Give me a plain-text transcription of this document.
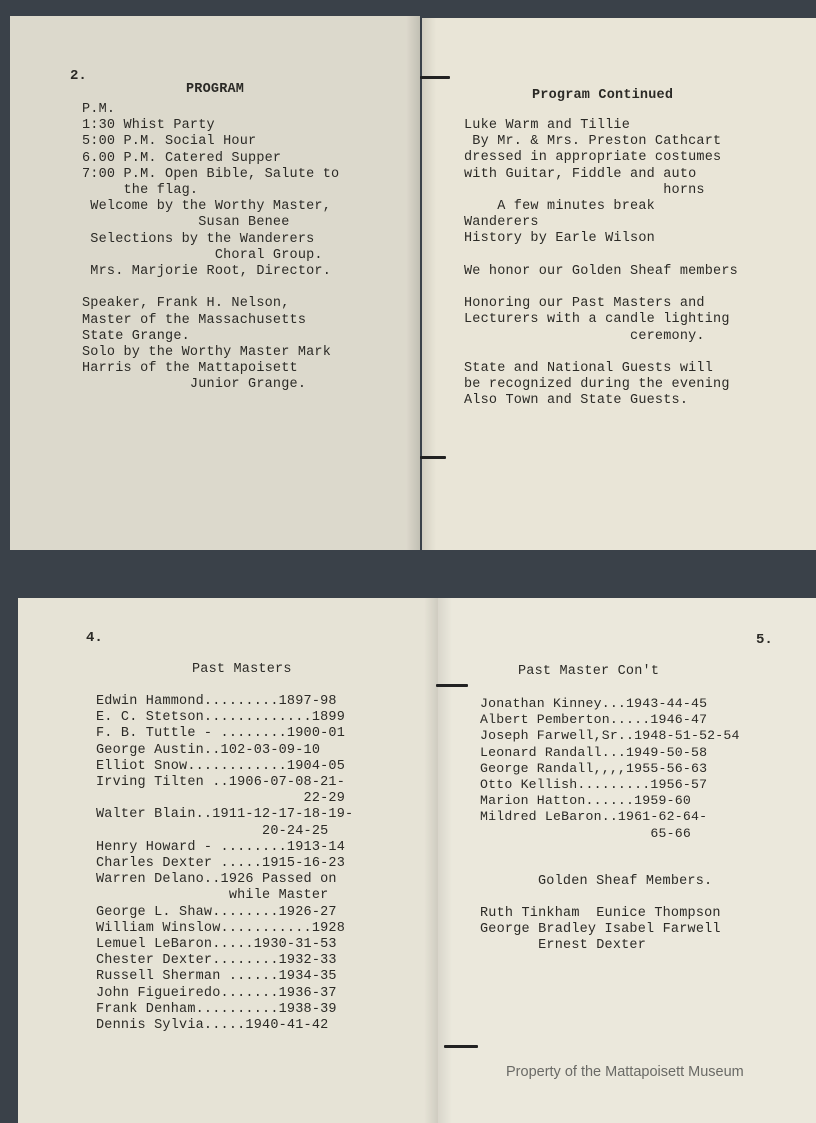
2.

PROGRAM

P.M.
1:30 Whist Party
5:00 P.M. Social Hour
6.00 P.M. Catered Supper
7:00 P.M. Open Bible, Salute to
the flag.
Welcome by the Worthy Master,
Susan Benee
Selections by the Wanderers
Choral Group.
Mrs. Marjorie Root, Director.

Speaker, Frank H. Nelson,
Master of the Massachusetts
State Grange.
Solo by the Worthy Master Mark
Harris of the Mattapoisett
Junior Grange.

Program Continued

Luke Warm and Tillie
By Mr. & Mrs. Preston Cathcart
dressed in appropriate costumes
with Guitar, Fiddle and auto
horns
A few minutes break
Wanderers
History by Earle Wilson

We honor our Golden Sheaf members

Honoring our Past Masters and
Lecturers with a candle lighting
ceremony.

State and National Guests will
be recognized during the evening
Also Town and State Guests.

4.

Past Masters

Edwin Hammond.........1897-98
E. C. Stetson.............1899
F. B. Tuttle - ........1900-01
George Austin..102-03-09-10
Elliot Snow............1904-05
Irving Tilten ..1906-07-08-21-
22-29
Walter Blain..1911-12-17-18-19-
20-24-25
Henry Howard - ........1913-14
Charles Dexter .....1915-16-23
Warren Delano..1926 Passed on
while Master
George L. Shaw........1926-27
William Winslow...........1928
Lemuel LeBaron.....1930-31-53
Chester Dexter........1932-33
Russell Sherman ......1934-35
John Figueiredo.......1936-37
Frank Denham..........1938-39
Dennis Sylvia.....1940-41-42

5.

Past Master Con't

Jonathan Kinney...1943-44-45
Albert Pemberton.....1946-47
Joseph Farwell,Sr..1948-51-52-54
Leonard Randall...1949-50-58
George Randall,,,,1955-56-63
Otto Kellish.........1956-57
Marion Hatton......1959-60
Mildred LeBaron..1961-62-64-
65-66

Golden Sheaf Members.

Ruth Tinkham  Eunice Thompson
George Bradley Isabel Farwell
Ernest Dexter

Property of the Mattapoisett Museum
